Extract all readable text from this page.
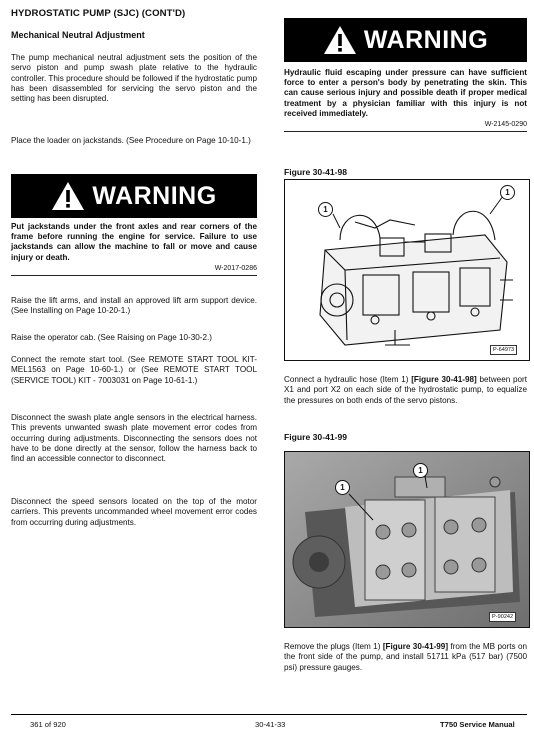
HYDROSTATIC PUMP (SJC) (CONT'D)
Mechanical Neutral Adjustment
The pump mechanical neutral adjustment sets the position of the servo piston and pump swash plate relative to the hydraulic controller. This procedure should be followed if the hydrostatic pump has been disassembled for servicing the servo piston and the setting has been disrupted.
Place the loader on jackstands. (See Procedure on Page 10-10-1.)
WARNING
Put jackstands under the front axles and rear corners of the frame before running the engine for service. Failure to use jackstands can allow the machine to fall or move and cause injury or death.
W-2017-0286
Raise the lift arms, and install an approved lift arm support device. (See Installing on Page 10-20-1.)
Raise the operator cab. (See Raising on Page 10-30-2.)
Connect the remote start tool. (See REMOTE START TOOL KIT-MEL1563 on Page 10-60-1.) or (See REMOTE START TOOL (SERVICE TOOL) KIT - 7003031 on Page 10-61-1.)
Disconnect the swash plate angle sensors in the electrical harness. This prevents unwanted swash plate movement error codes from occurring during adjustments. Disconnecting the sensors does not have to be done directly at the sensor, follow the harness back to find an accessible connector to disconnect.
Disconnect the speed sensors located on the top of the motor carriers. This prevents uncommanded wheel movement error codes from occurring during adjustments.
WARNING
Hydraulic fluid escaping under pressure can have sufficient force to enter a person's body by penetrating the skin. This can cause serious injury and possible death if proper medical treatment by a physician familiar with this injury is not received immediately.
W-2145-0290
Figure 30-41-98
1
1
P-64973
Connect a hydraulic hose (Item 1) [Figure 30-41-98] between port X1 and port X2 on each side of the hydrostatic pump, to equalize the pressures on both ends of the servo pistons.
Figure 30-41-99
1
1
P-90242
Remove the plugs (Item 1) [Figure 30-41-99] from the MB ports on the front side of the pump, and install 51711 kPa (517 bar) (7500 psi) pressure gauges.
361 of 920	30-41-33	T750 Service Manual
